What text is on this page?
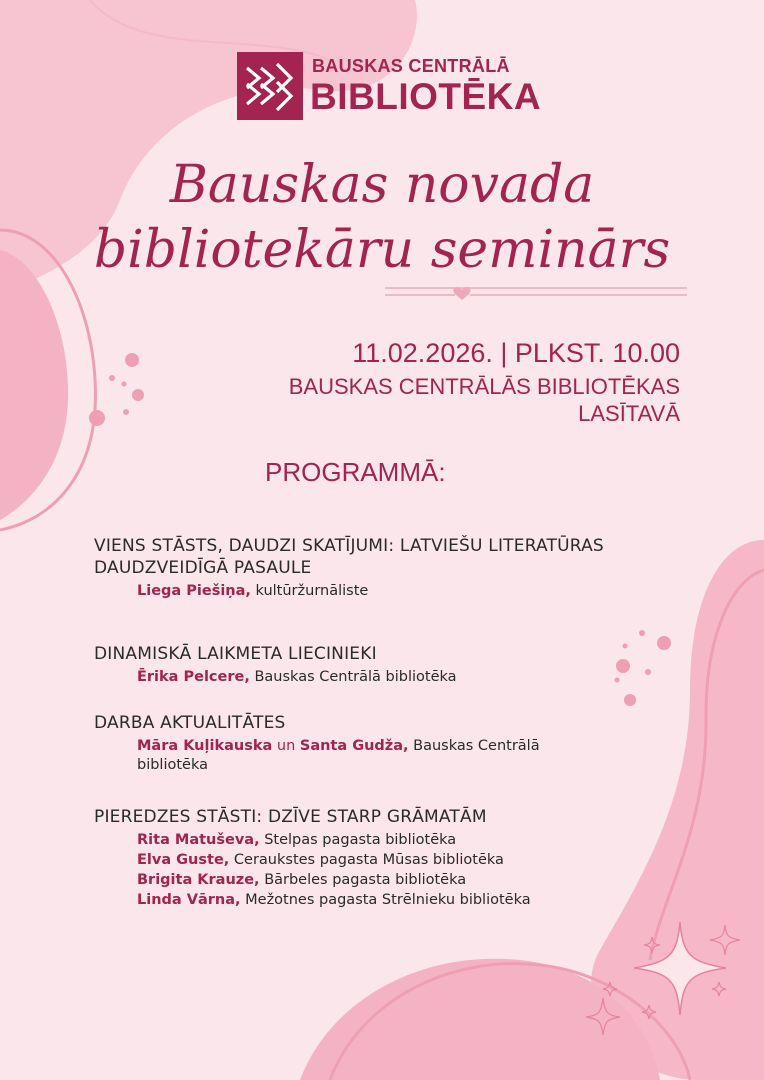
BAUSKAS CENTRĀLĀ
BIBLIOTĒKA
Bauskas novada
bibliotekāru seminārs
11.02.2026. | PLKST. 10.00
BAUSKAS CENTRĀLĀS BIBLIOTĒKAS
LASĪTAVĀ
PROGRAMMĀ:
VIENS STĀSTS, DAUDZI SKATĪJUMI: LATVIEŠU LITERATŪRAS DAUDZVEIDĪGĀ PASAULE
Liega Piešiņa, kultūržurnāliste
DINAMISKĀ LAIKMETA LIECINIEKI
Ērika Pelcere, Bauskas Centrālā bibliotēka
DARBA AKTUALITĀTES
Māra Kuļikauska un Santa Gudža, Bauskas Centrālā bibliotēka
PIEREDZES STĀSTI: DZĪVE STARP GRĀMATĀM
Rita Matuševa, Stelpas pagasta bibliotēka
Elva Guste, Ceraukstes pagasta Mūsas bibliotēka
Brigita Krauze, Bārbeles pagasta bibliotēka
Linda Vārna, Mežotnes pagasta Strēlnieku bibliotēka
